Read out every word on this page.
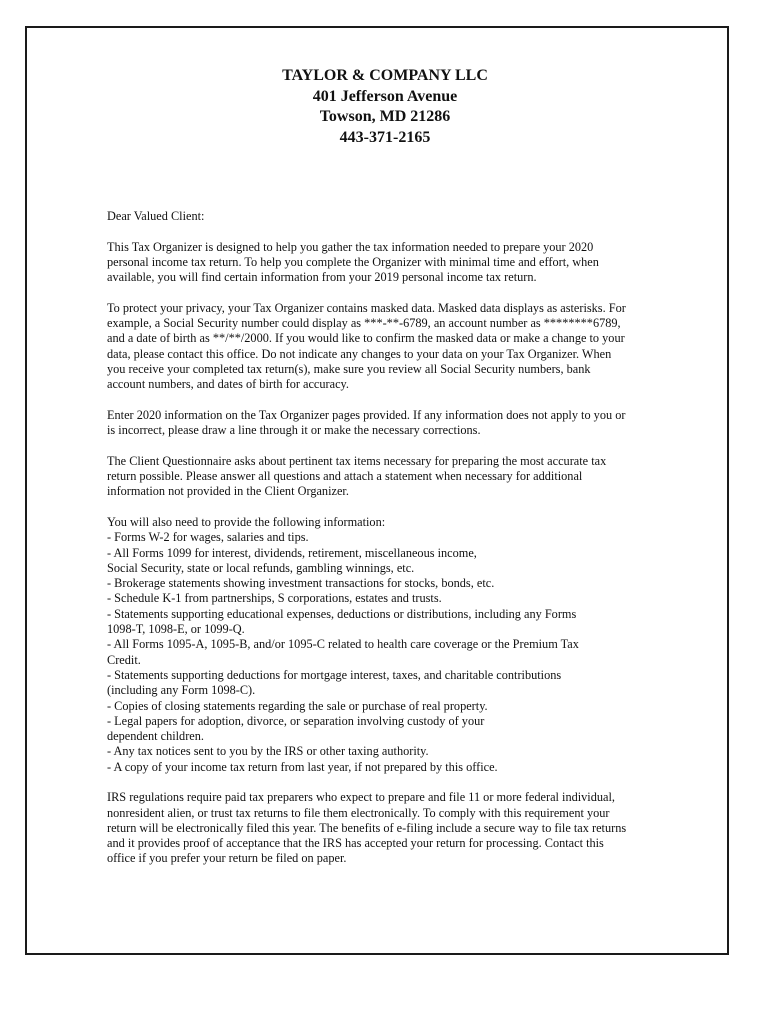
TAYLOR & COMPANY LLC
401 Jefferson Avenue
Towson, MD 21286
443-371-2165

Dear Valued Client:

This Tax Organizer is designed to help you gather the tax information needed to prepare your 2020 personal income tax return. To help you complete the Organizer with minimal time and effort, when available, you will find certain information from your 2019 personal income tax return.

To protect your privacy, your Tax Organizer contains masked data. Masked data displays as asterisks. For example, a Social Security number could display as ***-**-6789, an account number as ********6789, and a date of birth as **/**/2000. If you would like to confirm the masked data or make a change to your data, please contact this office. Do not indicate any changes to your data on your Tax Organizer. When you receive your completed tax return(s), make sure you review all Social Security numbers, bank account numbers, and dates of birth for accuracy.

Enter 2020 information on the Tax Organizer pages provided. If any information does not apply to you or is incorrect, please draw a line through it or make the necessary corrections.

The Client Questionnaire asks about pertinent tax items necessary for preparing the most accurate tax return possible. Please answer all questions and attach a statement when necessary for additional information not provided in the Client Organizer.

You will also need to provide the following information:
- Forms W-2 for wages, salaries and tips.
- All Forms 1099 for interest, dividends, retirement, miscellaneous income,
Social Security, state or local refunds, gambling winnings, etc.
- Brokerage statements showing investment transactions for stocks, bonds, etc.
- Schedule K-1 from partnerships, S corporations, estates and trusts.
- Statements supporting educational expenses, deductions or distributions, including any Forms
1098-T, 1098-E, or 1099-Q.
- All Forms 1095-A, 1095-B, and/or 1095-C related to health care coverage or the Premium Tax
Credit.
- Statements supporting deductions for mortgage interest, taxes, and charitable contributions
(including any Form 1098-C).
- Copies of closing statements regarding the sale or purchase of real property.
- Legal papers for adoption, divorce, or separation involving custody of your
dependent children.
- Any tax notices sent to you by the IRS or other taxing authority.
- A copy of your income tax return from last year, if not prepared by this office.

IRS regulations require paid tax preparers who expect to prepare and file 11 or more federal individual, nonresident alien, or trust tax returns to file them electronically. To comply with this requirement your return will be electronically filed this year. The benefits of e-filing include a secure way to file tax returns and it provides proof of acceptance that the IRS has accepted your return for processing. Contact this office if you prefer your return be filed on paper.
